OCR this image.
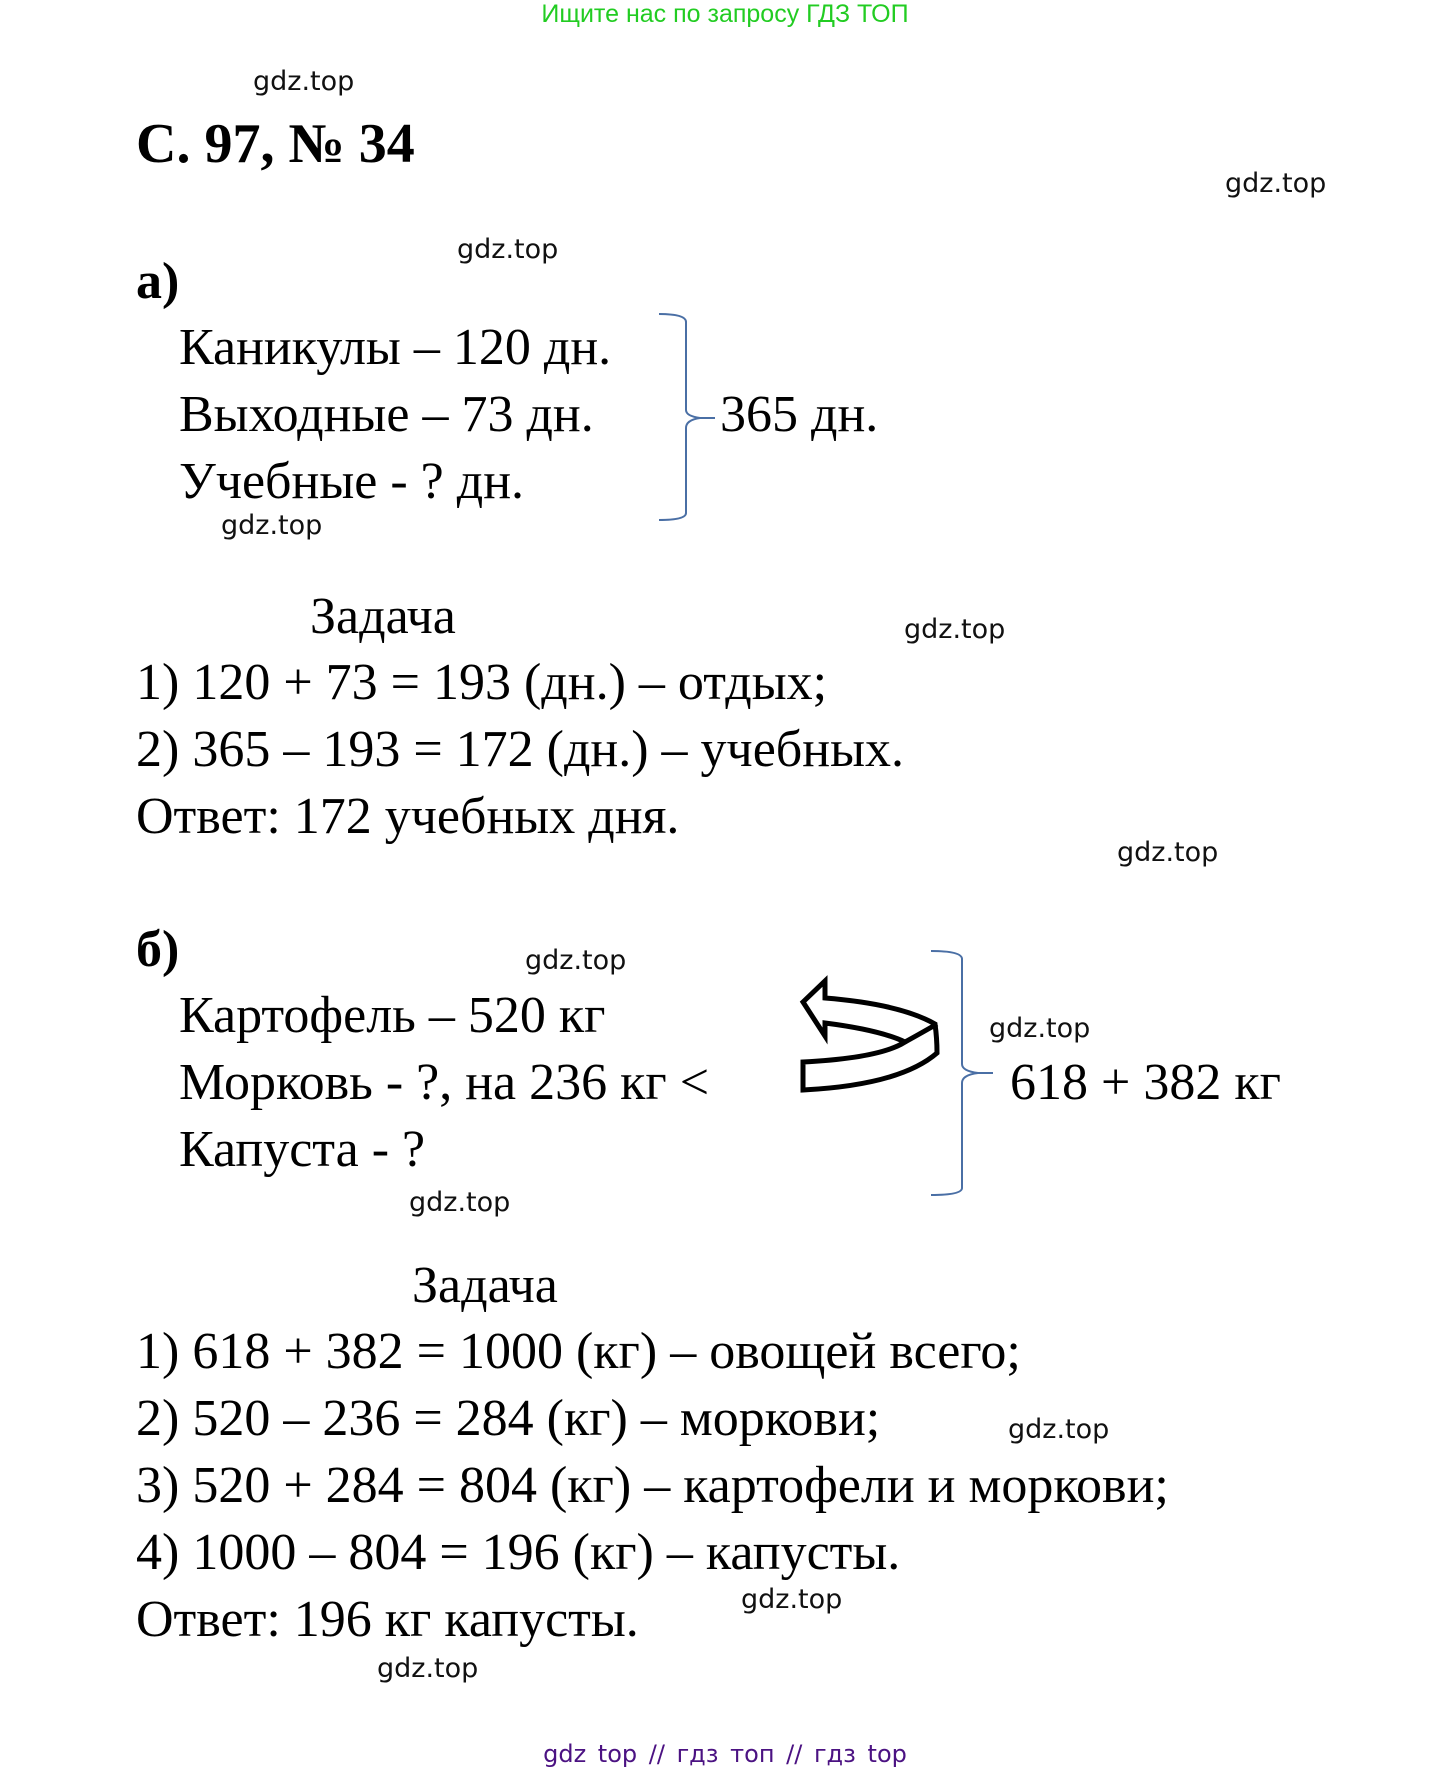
Ищите нас по запросу ГДЗ ТОП
gdz.top
gdz.top
gdz.top
gdz.top
gdz.top
gdz.top
gdz.top
gdz.top
gdz.top
gdz.top
gdz.top
gdz.top
С. 97, № 34
а)
Каникулы – 120 дн.
Выходные – 73 дн.
Учебные - ? дн.
365 дн.
Задача
1) 120 + 73 = 193 (дн.) – отдых;
2) 365 – 193 = 172 (дн.) – учебных.
Ответ: 172 учебных дня.
б)
Картофель – 520 кг
Морковь - ?, на 236 кг <
Капуста - ?
618 + 382 кг
Задача
1) 618 + 382 = 1000 (кг) – овощей всего;
2) 520 – 236 = 284 (кг) – моркови;
3) 520 + 284 = 804 (кг) – картофели и моркови;
4) 1000 – 804 = 196 (кг) – капусты.
Ответ: 196 кг капусты.
gdz top // гдз топ // гдз top
